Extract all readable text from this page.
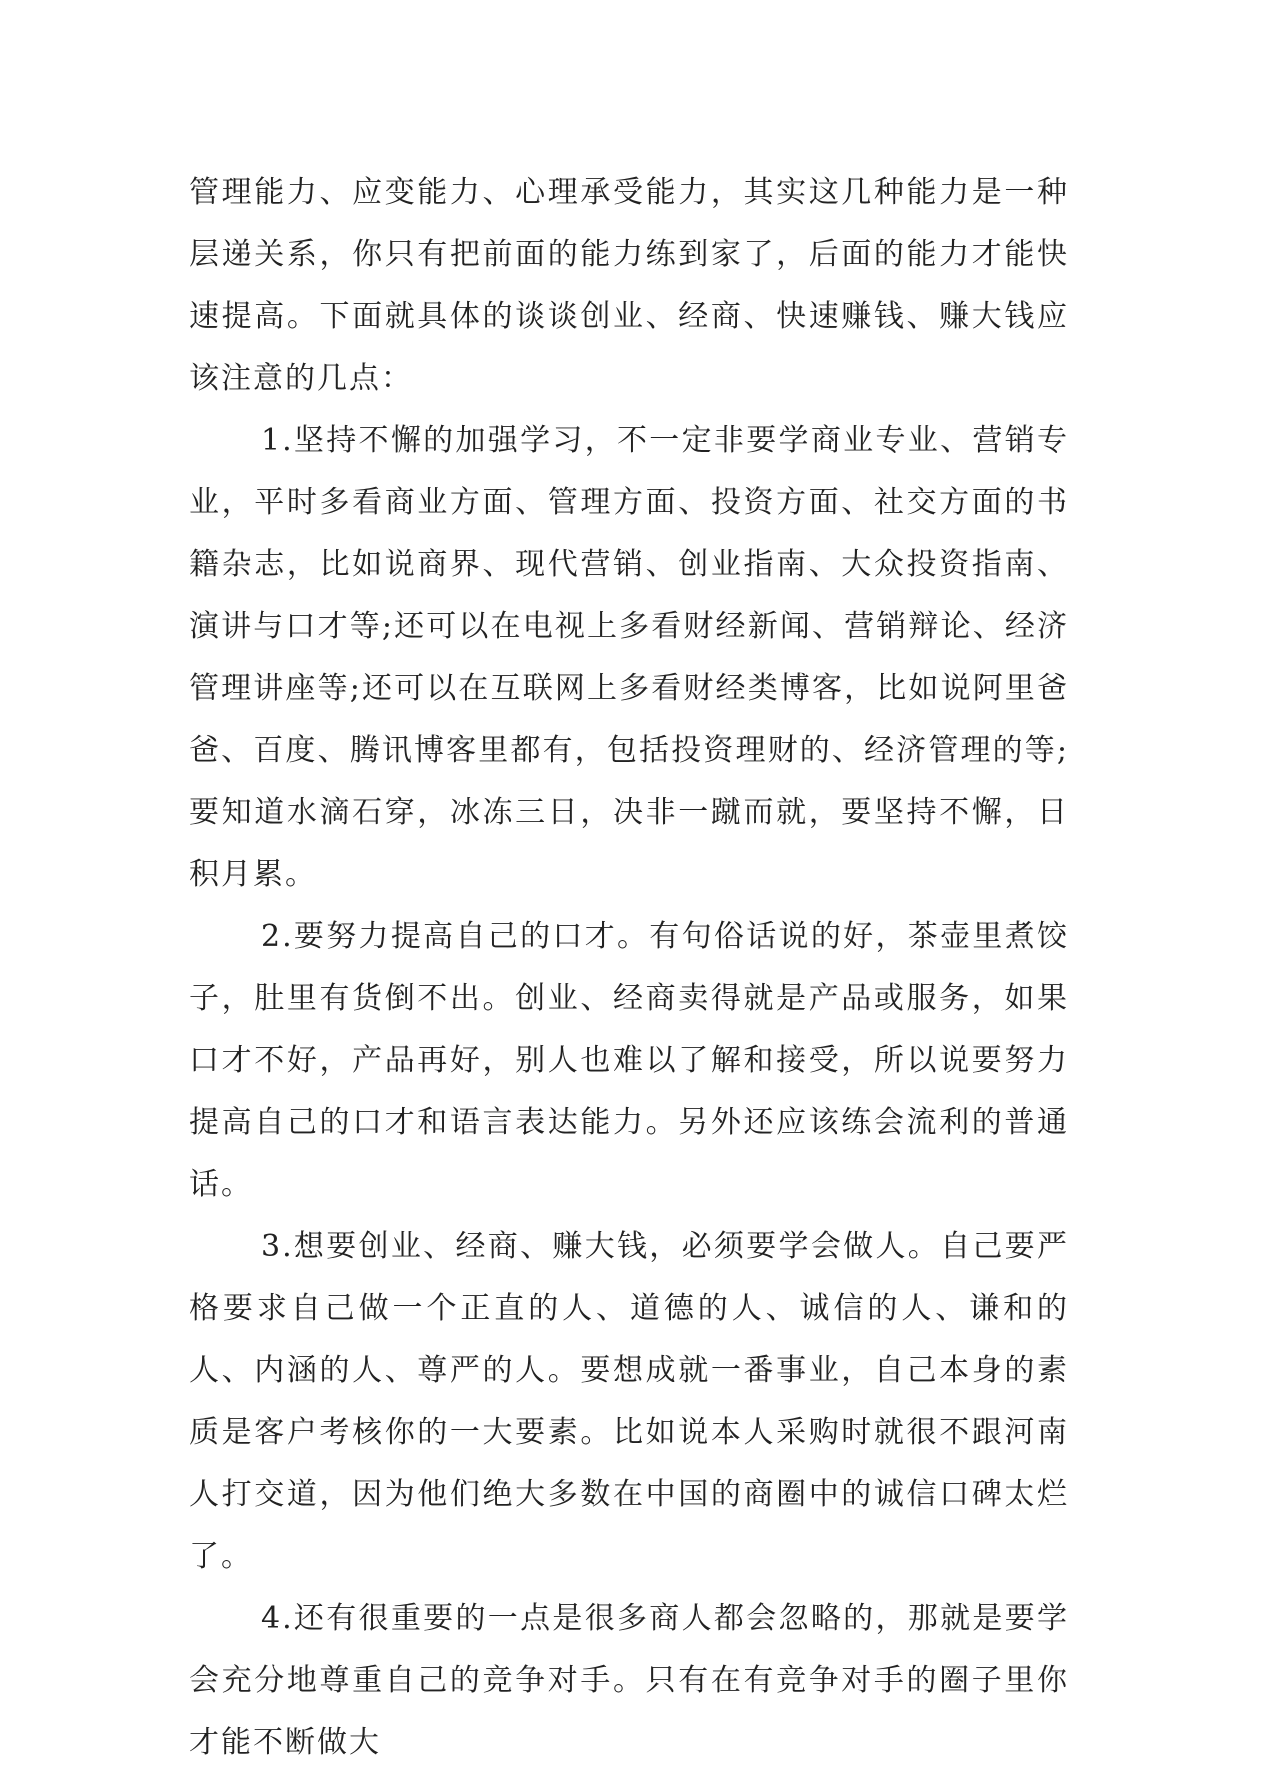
管理能力、应变能力、心理承受能力，其实这几种能力是一种层递关系，你只有把前面的能力练到家了，后面的能力才能快速提高。下面就具体的谈谈创业、经商、快速赚钱、赚大钱应该注意的几点：

1.坚持不懈的加强学习，不一定非要学商业专业、营销专业，平时多看商业方面、管理方面、投资方面、社交方面的书籍杂志，比如说商界、现代营销、创业指南、大众投资指南、演讲与口才等;还可以在电视上多看财经新闻、营销辩论、经济管理讲座等;还可以在互联网上多看财经类博客，比如说阿里爸爸、百度、腾讯博客里都有，包括投资理财的、经济管理的等;要知道水滴石穿，冰冻三日，决非一蹴而就，要坚持不懈，日积月累。

2.要努力提高自己的口才。有句俗话说的好，茶壶里煮饺子，肚里有货倒不出。创业、经商卖得就是产品或服务，如果口才不好，产品再好，别人也难以了解和接受，所以说要努力提高自己的口才和语言表达能力。另外还应该练会流利的普通话。

3.想要创业、经商、赚大钱，必须要学会做人。自己要严格要求自己做一个正直的人、道德的人、诚信的人、谦和的人、内涵的人、尊严的人。要想成就一番事业，自己本身的素质是客户考核你的一大要素。比如说本人采购时就很不跟河南人打交道，因为他们绝大多数在中国的商圈中的诚信口碑太烂了。

4.还有很重要的一点是很多商人都会忽略的，那就是要学会充分地尊重自己的竞争对手。只有在有竞争对手的圈子里你才能不断做大
